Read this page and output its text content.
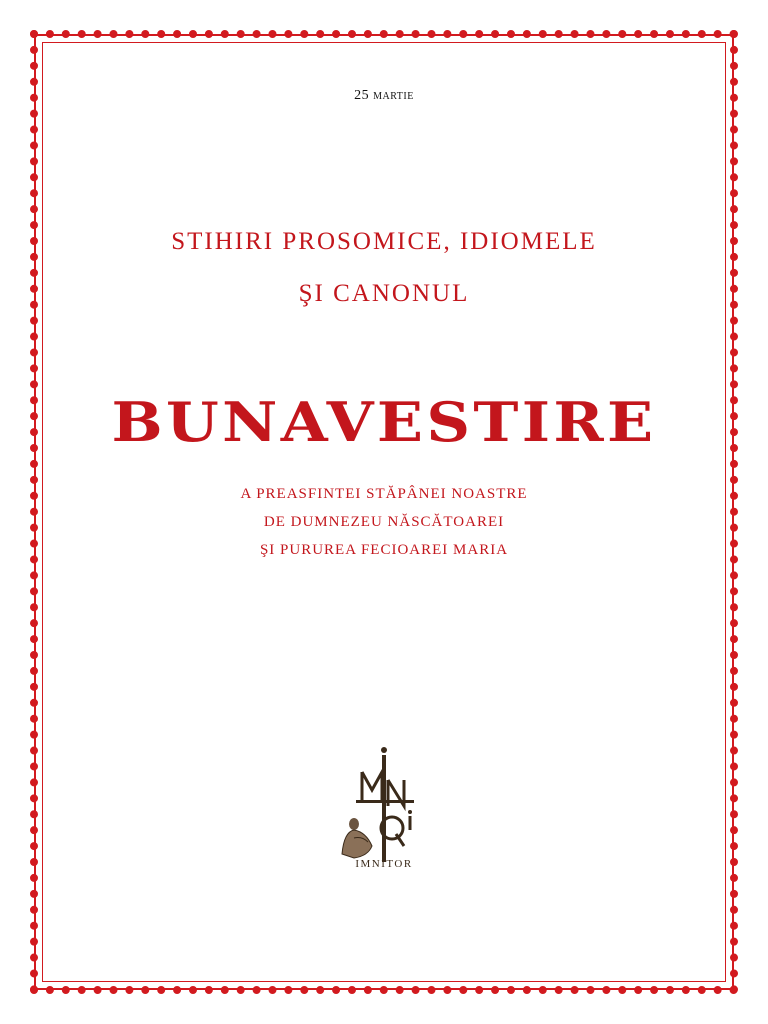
25 martie
STIHIRI PROSOMICE, IDIOMELE
ŞI CANONUL
BUNAVESTIRE
A PREASFINTEI STĂPÂNEI NOASTRE
DE DUMNEZEU NĂSCĂTOAREI
ŞI PURUREA FECIOAREI MARIA
IMNITOR
